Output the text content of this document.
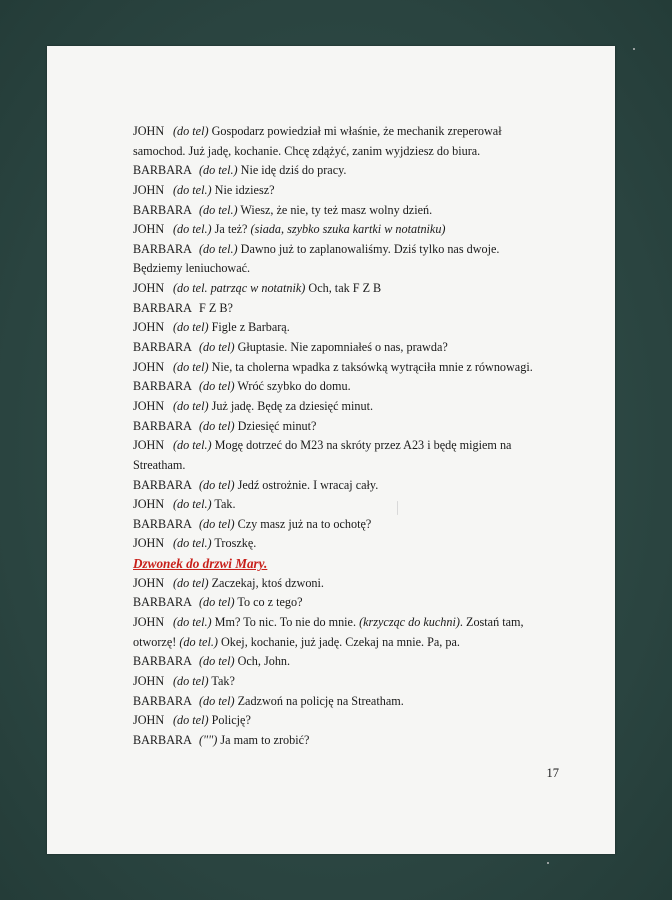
JOHN (do tel) Gospodarz powiedział mi właśnie, że mechanik zreperował
samochod. Już jadę, kochanie. Chcę zdążyć, zanim wyjdziesz do biura.
BARBARA (do tel.) Nie idę dziś do pracy.
JOHN (do tel.) Nie idziesz?
BARBARA (do tel.) Wiesz, że nie, ty też masz wolny dzień.
JOHN (do tel.) Ja też? (siada, szybko szuka kartki w notatniku)
BARBARA (do tel.) Dawno już to zaplanowaliśmy. Dziś tylko nas dwoje.
Będziemy leniuchować.
JOHN (do tel. patrząc w notatnik) Och, tak F Z B
BARBARA F Z B?
JOHN (do tel) Figle z Barbarą.
BARBARA (do tel) Głuptasie. Nie zapomniałeś o nas, prawda?
JOHN (do tel) Nie, ta cholerna wpadka z taksówką wytrąciła mnie z równowagi.
BARBARA (do tel) Wróć szybko do domu.
JOHN (do tel) Już jadę. Będę za dziesięć minut.
BARBARA (do tel) Dziesięć minut?
JOHN (do tel.) Mogę dotrzeć do M23 na skróty przez A23 i będę migiem na
Streatham.
BARBARA (do tel) Jedź ostrożnie. I wracaj cały.
JOHN (do tel.) Tak.
BARBARA (do tel) Czy masz już na to ochotę?
JOHN (do tel.) Troszkę.
Dzwonek do drzwi Mary.
JOHN (do tel) Zaczekaj, ktoś dzwoni.
BARBARA (do tel) To co z tego?
JOHN (do tel.) Mm? To nic. To nie do mnie. (krzycząc do kuchni). Zostań tam,
otworzę! (do tel.) Okej, kochanie, już jadę. Czekaj na mnie. Pa, pa.
BARBARA (do tel) Och, John.
JOHN (do tel) Tak?
BARBARA (do tel) Zadzwoń na policję na Streatham.
JOHN (do tel) Policję?
BARBARA ("") Ja mam to zrobić?
17
